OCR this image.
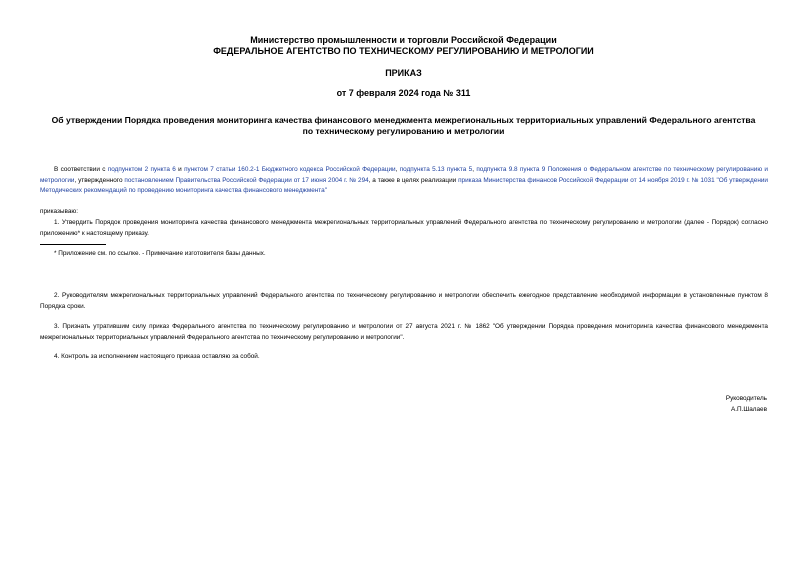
Министерство промышленности и торговли Российской Федерации
ФЕДЕРАЛЬНОЕ АГЕНТСТВО ПО ТЕХНИЧЕСКОМУ РЕГУЛИРОВАНИЮ И МЕТРОЛОГИИ
ПРИКАЗ
от 7 февраля 2024 года № 311
Об утверждении Порядка проведения мониторинга качества финансового менеджмента межрегиональных территориальных управлений Федерального агентства
по техническому регулированию и метрологии
В соответствии с подпунктом 2 пункта 6 и пунктом 7 статьи 160.2-1 Бюджетного кодекса Российской Федерации, подпункта 5.13 пункта 5, подпункта 9.8 пункта 9 Положения о Федеральном агентстве по техническому регулированию и метрологии, утвержденного постановлением Правительства Российской Федерации от 17 июня 2004 г. № 294, а также в целях реализации приказа Министерства финансов Российской Федерации от 14 ноября 2019 г. № 1031 "Об утверждении Методических рекомендаций по проведению мониторинга качества финансового менеджмента"
приказываю:
1. Утвердить Порядок проведения мониторинга качества финансового менеджмента межрегиональных территориальных управлений Федерального агентства по техническому регулированию и метрологии (далее - Порядок) согласно приложению* к настоящему приказу.
* Приложение см. по ссылке. - Примечание изготовителя базы данных.
2. Руководителям межрегиональных территориальных управлений Федерального агентства по техническому регулированию и метрологии обеспечить ежегодное представление необходимой информации в установленные пунктом 8 Порядка сроки.
3. Признать утратившим силу приказ Федерального агентства по техническому регулированию и метрологии от 27 августа 2021 г. № 1862 "Об утверждении Порядка проведения мониторинга качества финансового менеджмента межрегиональных территориальных управлений Федерального агентства по техническому регулированию и метрологии".
4. Контроль за исполнением настоящего приказа оставляю за собой.
Руководитель
А.П.Шалаев
